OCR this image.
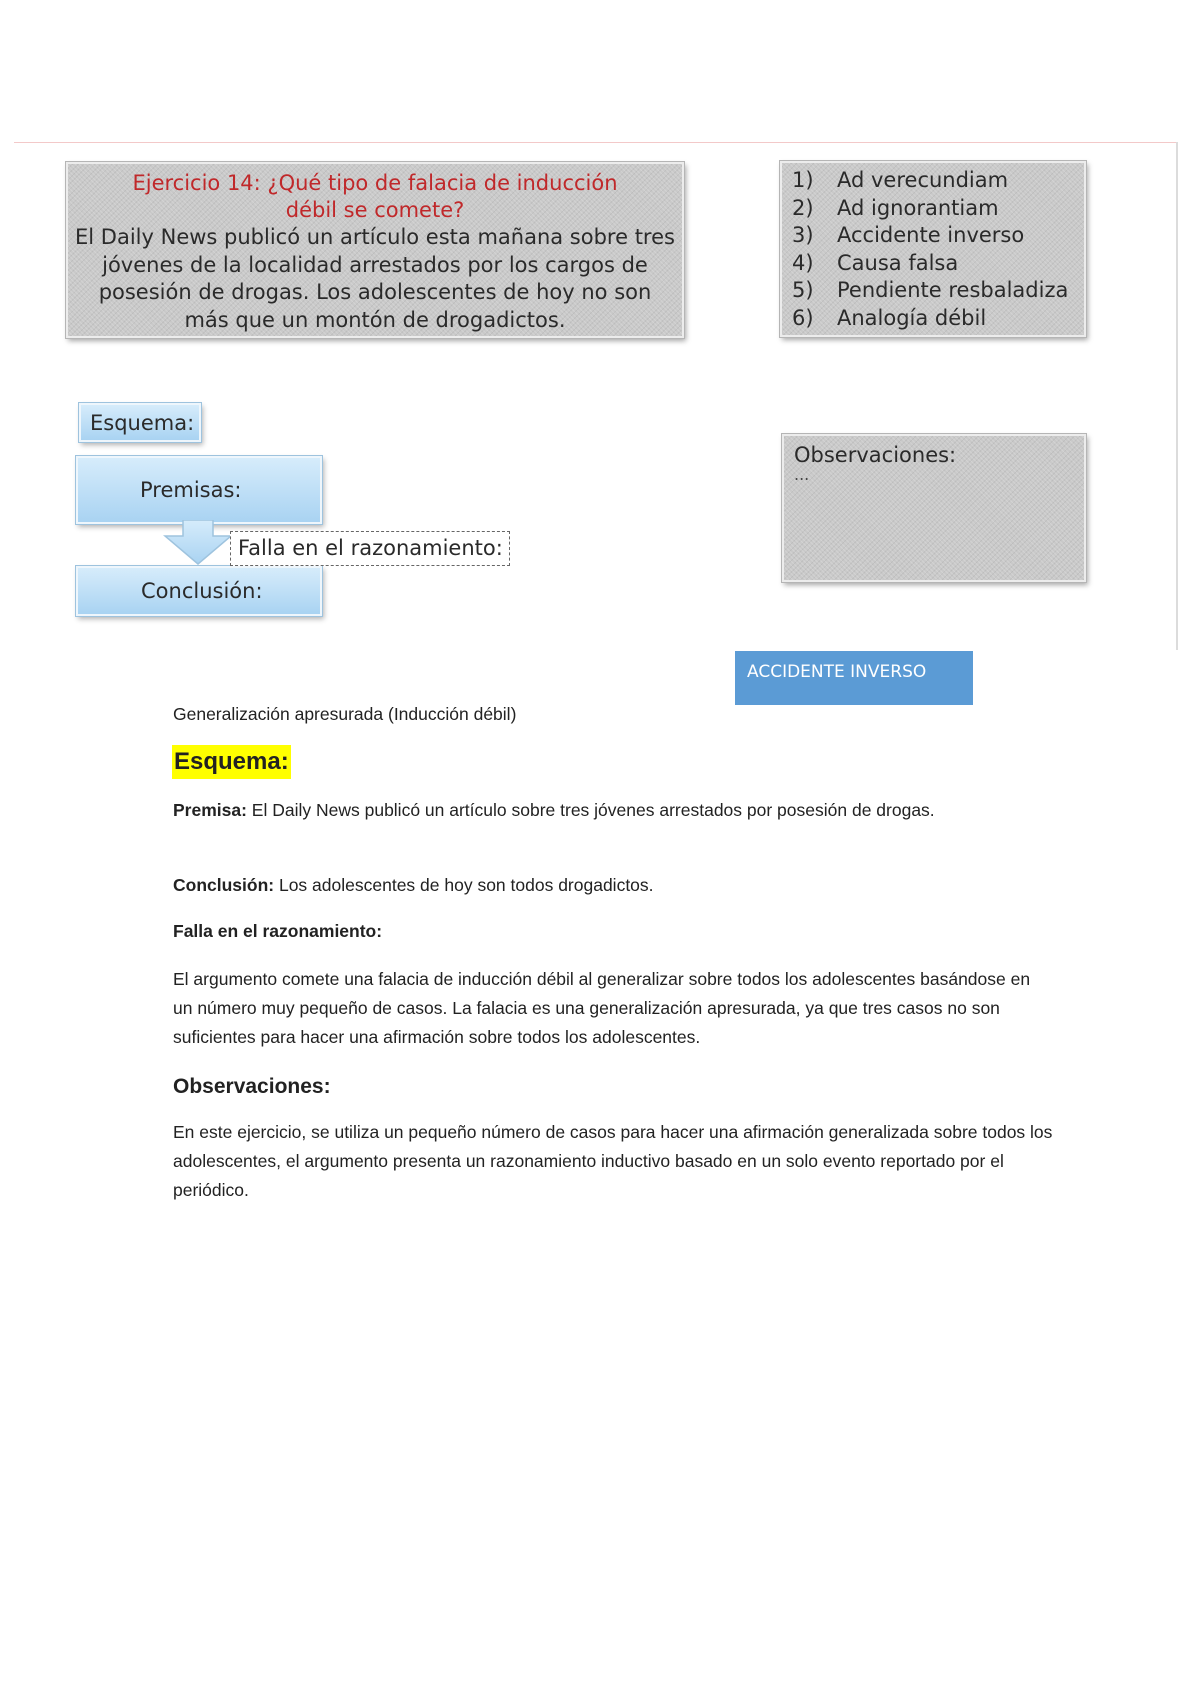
Ejercicio 14: ¿Qué tipo de falacia de inducción débil se cometе?
El Daily News publicó un artículo esta mañana sobre tres jóvenes de la localidad arrestados por los cargos de posesión de drogas. Los adolescentes de hoy no son más que un montón de drogadictos.
1)	Ad verecundiam
2)	Ad ignorantiam
3)	Accidente inverso
4)	Causa falsa
5)	Pendiente resbaladiza
6)	Analogía débil
Esquema:
Premisas:
Conclusión:
Falla en el razonamiento:
Observaciones:
...
ACCIDENTE INVERSO
Generalización apresurada (Inducción débil)
Esquema:
Premisa: El Daily News publicó un artículo sobre tres jóvenes arrestados por posesión de drogas.
Conclusión: Los adolescentes de hoy son todos drogadictos.
Falla en el razonamiento:
El argumento comete una falacia de inducción débil al generalizar sobre todos los adolescentes basándose en un número muy pequeño de casos. La falacia es una generalización apresurada, ya que tres casos no son suficientes para hacer una afirmación sobre todos los adolescentes.
Observaciones:
En este ejercicio, se utiliza un pequeño número de casos para hacer una afirmación generalizada sobre todos los adolescentes, el argumento presenta un razonamiento inductivo basado en un solo evento reportado por el periódico.
